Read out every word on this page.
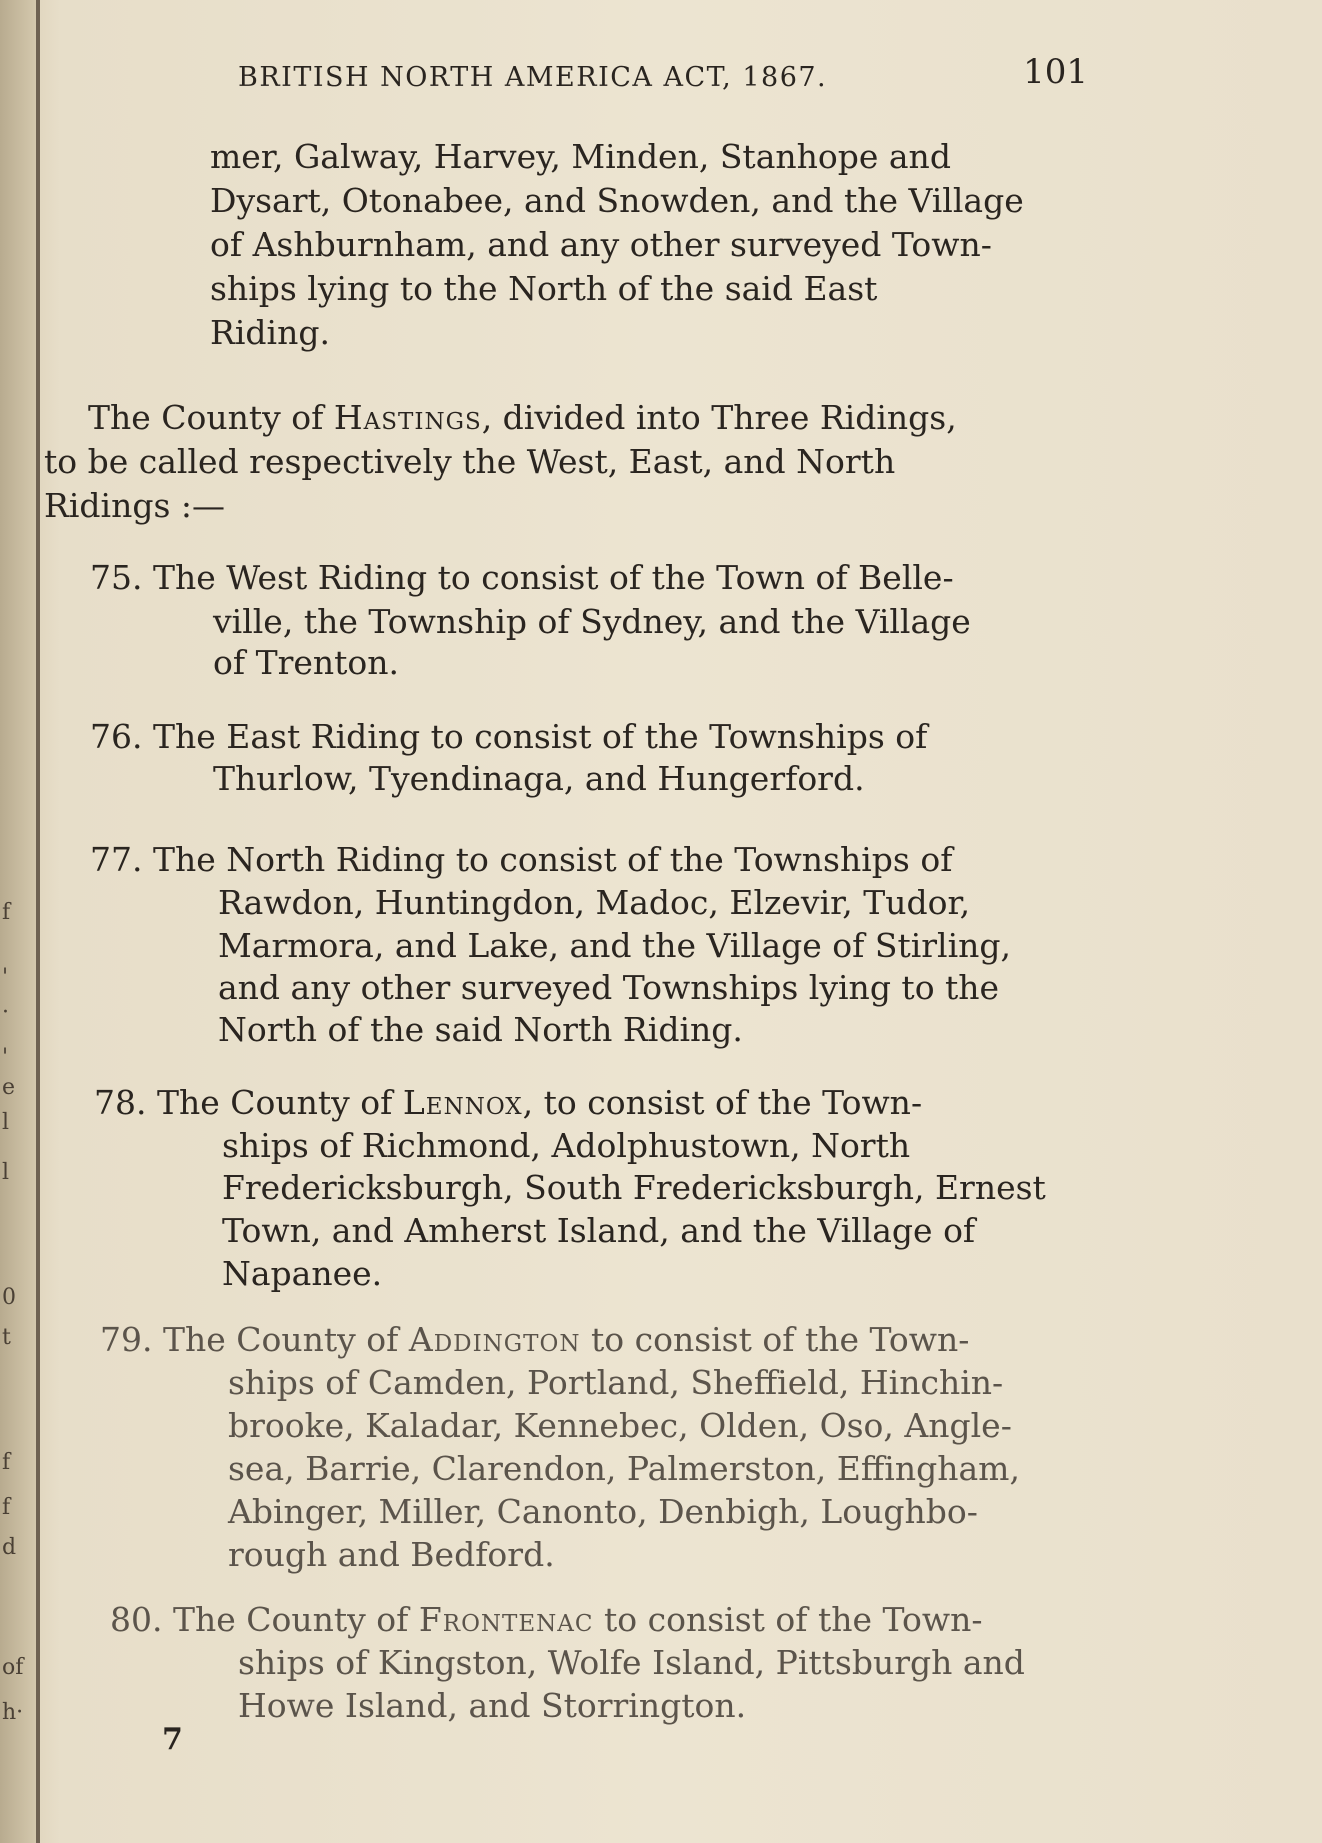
f
'
·
'
e
l
l
0
t
f
f
d
of
h·
BRITISH NORTH AMERICA ACT, 1867.	101
mer, Galway, Harvey, Minden, Stanhope and
Dysart, Otonabee, and Snowden, and the Village
of Ashburnham, and any other surveyed Town-
ships lying to the North of the said East
Riding.
The County of Hastings, divided into Three Ridings,
to be called respectively the West, East, and North
Ridings :—
75. The West Riding to consist of the Town of Belle-
ville, the Township of Sydney, and the Village
of Trenton.
76. The East Riding to consist of the Townships of
Thurlow, Tyendinaga, and Hungerford.
77. The North Riding to consist of the Townships of
Rawdon, Huntingdon, Madoc, Elzevir, Tudor,
Marmora, and Lake, and the Village of Stirling,
and any other surveyed Townships lying to the
North of the said North Riding.
78. The County of Lennox, to consist of the Town-
ships of Richmond, Adolphustown, North
Fredericksburgh, South Fredericksburgh, Ernest
Town, and Amherst Island, and the Village of
Napanee.
79. The County of Addington to consist of the Town-
ships of Camden, Portland, Sheffield, Hinchin-
brooke, Kaladar, Kennebec, Olden, Oso, Angle-
sea, Barrie, Clarendon, Palmerston, Effingham,
Abinger, Miller, Canonto, Denbigh, Loughbo-
rough and Bedford.
80. The County of Frontenac to consist of the Town-
ships of Kingston, Wolfe Island, Pittsburgh and
Howe Island, and Storrington.
7
